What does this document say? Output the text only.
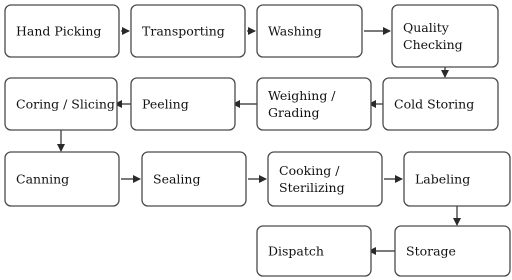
Hand Picking	Transporting	Washing	Quality
Checking
Cold Storing
Weighing /
Grading
Peeling
Coring / Slicing
Canning	Sealing
Cooking /
Sterilizing
Labeling
Storage
Dispatch
